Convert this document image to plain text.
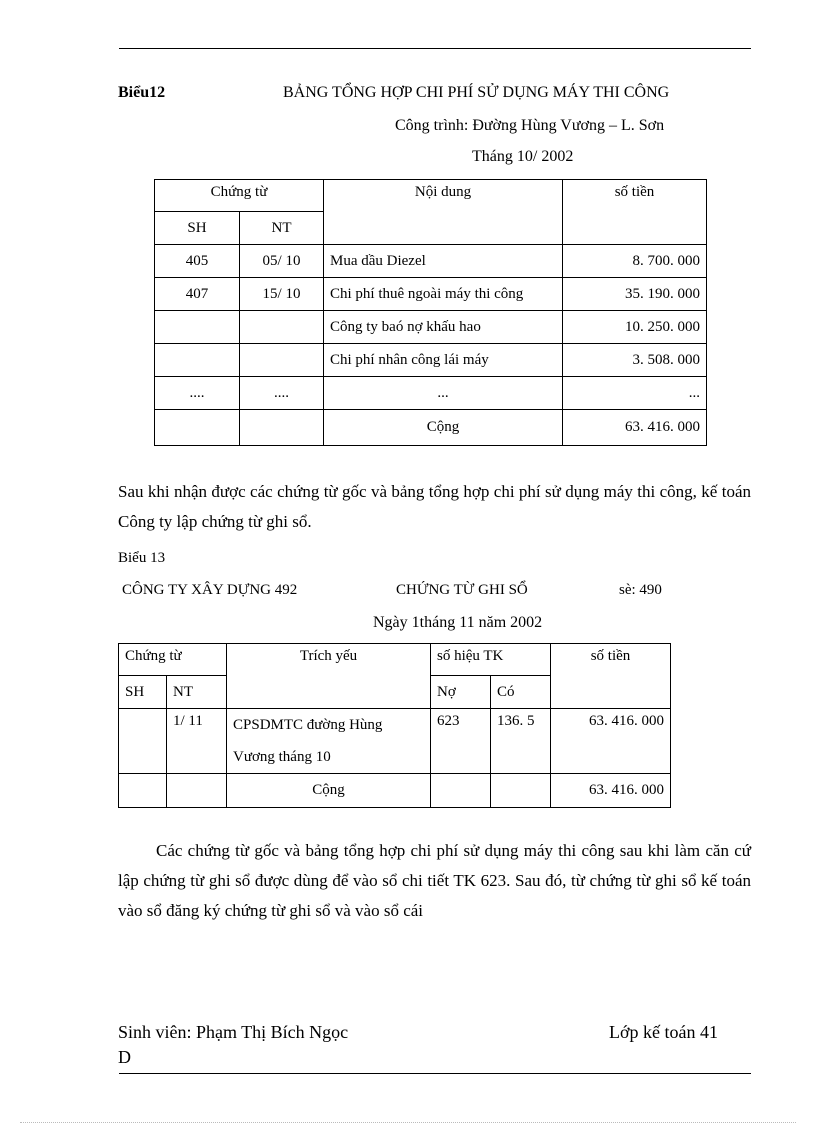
Biểu12	BẢNG TỔNG HỢP CHI PHÍ SỬ DỤNG MÁY THI CÔNG
Công trình: Đường Hùng Vương – L. Sơn
Tháng 10/ 2002
Chứng từ		Nội dung	số tiền
SH	NT		
405	05/ 10	Mua dầu Diezel	8. 700. 000
407	15/ 10	Chi phí thuê ngoài máy thi công	35. 190. 000
		Công ty baó nợ khấu hao	10. 250. 000
		Chi phí nhân công lái máy	3. 508. 000
....	....	...	...
		Cộng	63. 416. 000
Sau khi nhận được các chứng từ gốc và bảng tổng hợp chi phí sử dụng máy thi công, kế toán Công ty lập chứng từ ghi sổ.
Biểu 13
CÔNG TY XÂY DỰNG 492	CHỨNG TỪ GHI SỔ	sè: 490
Ngày 1tháng 11 năm 2002
Chứng từ		Trích yếu	số hiệu TK		số tiền
SH	NT		Nợ	Có	
	1/ 11	CPSDMTC đường Hùng
Vương tháng 10	623	136. 5	63. 416. 000
		Cộng			63. 416. 000
Các chứng từ gốc và bảng tổng hợp chi phí sử dụng máy thi công sau khi làm căn cứ lập chứng từ ghi sổ được dùng để vào sổ chi tiết TK 623. Sau đó, từ chứng từ ghi sổ kế toán vào sổ đăng ký chứng từ ghi sổ và vào sổ cái
Sinh viên: Phạm Thị Bích Ngọc
D
Lớp kế toán 41
